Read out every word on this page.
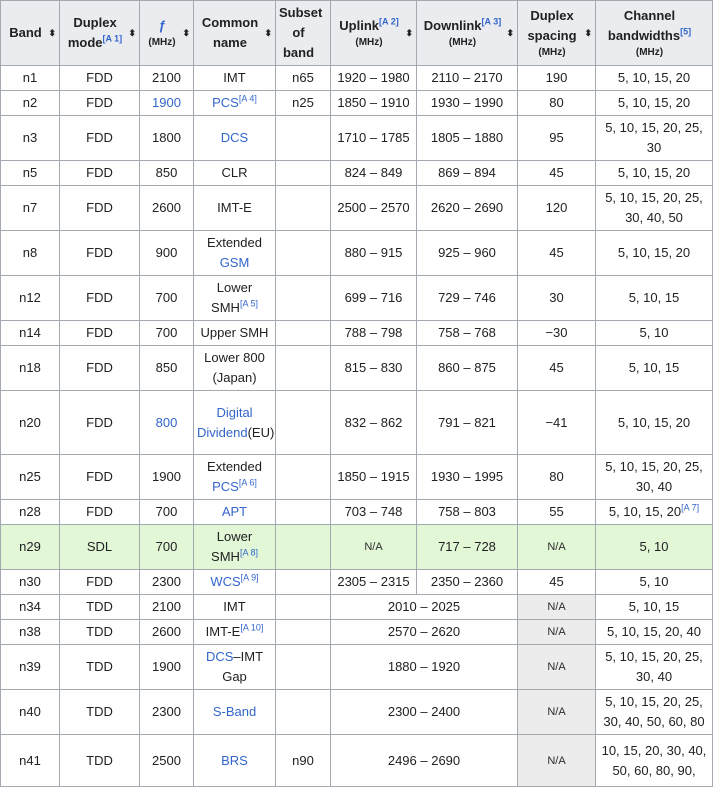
Band ⬍	Duplex mode[A 1]
⬍	ƒ
(MHz)
⬍	Common name
⬍	Subset of band	Uplink[A 2]
(MHz)
⬍	Downlink[A 3]
(MHz)
⬍	Duplex spacing
(MHz)
⬍	Channel bandwidths[5]
(MHz)

n1	FDD	2100	IMT	n65	1920 – 1980	2110 – 2170	190	5, 10, 15, 20
n2	FDD	1900	PCS[A 4]	n25	1850 – 1910	1930 – 1990	80	5, 10, 15, 20
n3	FDD	1800	DCS		1710 – 1785	1805 – 1880	95	5, 10, 15, 20, 25, 30
n5	FDD	850	CLR		824 – 849	869 – 894	45	5, 10, 15, 20
n7	FDD	2600	IMT-E		2500 – 2570	2620 – 2690	120	5, 10, 15, 20, 25, 30, 40, 50
n8	FDD	900	Extended
GSM		880 – 915	925 – 960	45	5, 10, 15, 20
n12	FDD	700	Lower SMH[A 5]		699 – 716	729 – 746	30	5, 10, 15
n14	FDD	700	Upper SMH		788 – 798	758 – 768	−30	5, 10
n18	FDD	850	Lower 800 (Japan)		815 – 830	860 – 875	45	5, 10, 15
n20	FDD	800	Digital Dividend(EU)		832 – 862	791 – 821	−41	5, 10, 15, 20
n25	FDD	1900	Extended
PCS[A 6]		1850 – 1915	1930 – 1995	80	5, 10, 15, 20, 25, 30, 40
n28	FDD	700	APT		703 – 748	758 – 803	55	5, 10, 15, 20[A 7]
n29	SDL	700	Lower SMH[A 8]		N/A	717 – 728	N/A	5, 10
n30	FDD	2300	WCS[A 9]		2305 – 2315	2350 – 2360	45	5, 10
n34	TDD	2100	IMT		2010 – 2025		N/A	5, 10, 15
n38	TDD	2600	IMT-E[A 10]		2570 – 2620		N/A	5, 10, 15, 20, 40
n39	TDD	1900	DCS–IMT Gap		1880 – 1920		N/A	5, 10, 15, 20, 25, 30, 40
n40	TDD	2300	S-Band		2300 – 2400		N/A	5, 10, 15, 20, 25, 30, 40, 50, 60, 80
n41	TDD	2500	BRS	n90	2496 – 2690		N/A	10, 15, 20, 30, 40, 50, 60, 80, 90,
